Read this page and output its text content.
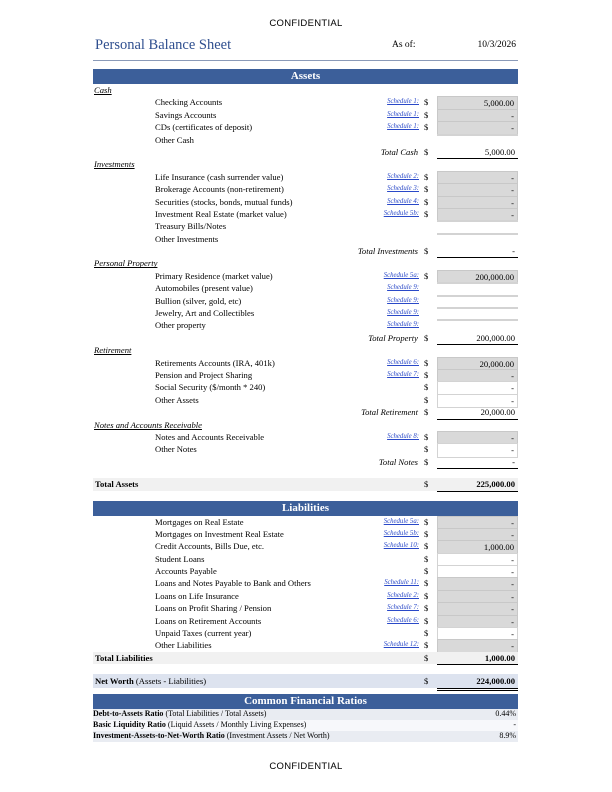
CONFIDENTIAL
Personal Balance Sheet	As of:	10/3/2026
Assets
Cash
Checking Accounts	Schedule 1: $	5,000.00
Savings Accounts	Schedule 1: $	-
CDs (certificates of deposit)	Schedule 1: $	-
Other Cash
Total Cash $	5,000.00
Investments
Life Insurance (cash surrender value)	Schedule 2: $	-
Brokerage Accounts (non-retirement)	Schedule 3: $	-
Securities (stocks, bonds, mutual funds)	Schedule 4: $	-
Investment Real Estate (market value)	Schedule 5b: $	-
Treasury Bills/Notes
Other Investments
Total Investments $	-
Personal Property
Primary Residence (market value)	Schedule 5a: $	200,000.00
Automobiles (present value)	Schedule 9:
Bullion (silver, gold, etc)	Schedule 9:
Jewelry, Art and Collectibles	Schedule 9:
Other property	Schedule 9:
Total Property $	200,000.00
Retirement
Retirements Accounts (IRA, 401k)	Schedule 6: $	20,000.00
Pension and Project Sharing	Schedule 7: $	-
Social Security ($/month * 240)	$	-
Other Assets	$	-
Total Retirement $	20,000.00
Notes and Accounts Receivable
Notes and Accounts Receivable	Schedule 8: $	-
Other Notes	$	-
Total Notes $	-
Total Assets	$	225,000.00
Liabilities
Mortgages on Real Estate	Schedule 5a: $	-
Mortgages on Investment Real Estate	Schedule 5b: $	-
Credit Accounts, Bills Due, etc.	Schedule 10: $	1,000.00
Student Loans	$	-
Accounts Payable	$	-
Loans and Notes Payable to Bank and Others	Schedule 11: $	-
Loans on Life Insurance	Schedule 2: $	-
Loans on Profit Sharing / Pension	Schedule 7: $	-
Loans on Retirement Accounts	Schedule 6: $	-
Unpaid Taxes (current year)	$	-
Other Liabilities	Schedule 12: $	-
Total Liabilities	$	1,000.00
Net Worth (Assets - Liabilities)	$	224,000.00
Common Financial Ratios
Debt-to-Assets Ratio (Total Liabilities / Total Assets)	0.44%
Basic Liquidity Ratio (Liquid Assets / Monthly Living Expenses)	-
Investment-Assets-to-Net-Worth Ratio (Investment Assets / Net Worth)	8.9%
CONFIDENTIAL
